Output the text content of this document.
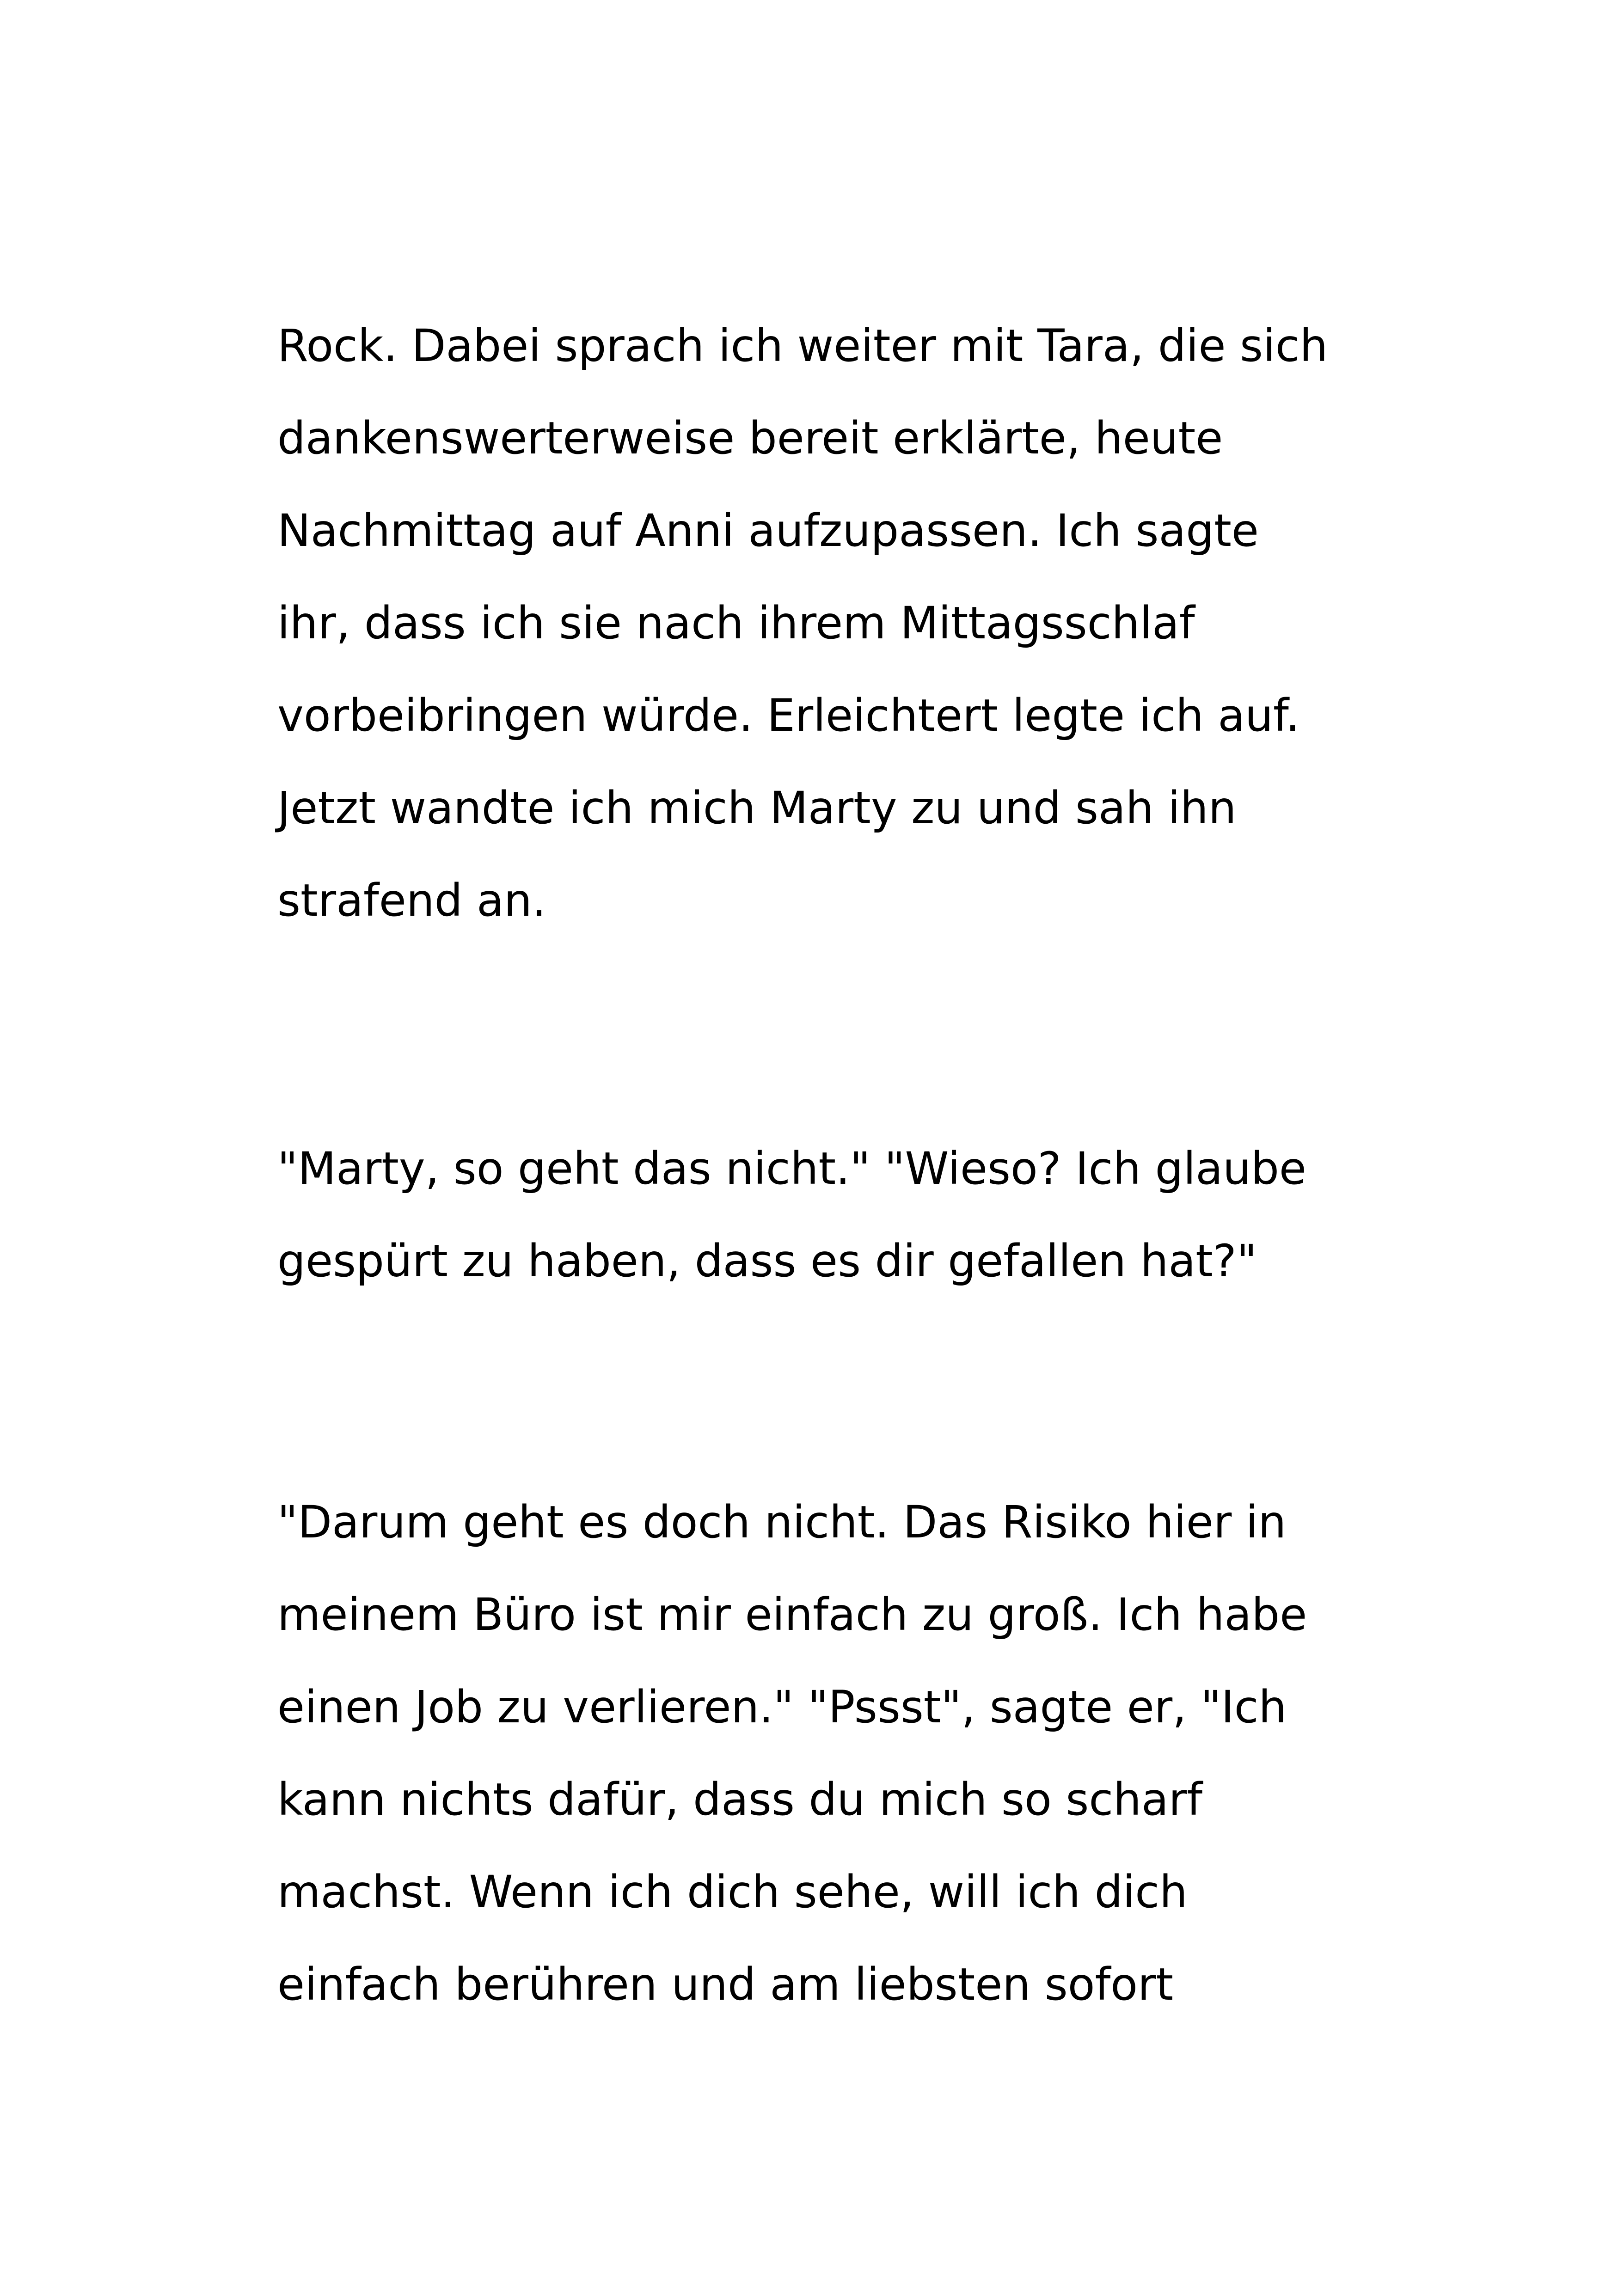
Rock. Dabei sprach ich weiter mit Tara, die sich
dankenswerterweise bereit erklärte, heute
Nachmittag auf Anni aufzupassen. Ich sagte
ihr, dass ich sie nach ihrem Mittagsschlaf
vorbeibringen würde. Erleichtert legte ich auf.
Jetzt wandte ich mich Marty zu und sah ihn
strafend an.
"Marty, so geht das nicht." "Wieso? Ich glaube
gespürt zu haben, dass es dir gefallen hat?"
"Darum geht es doch nicht. Das Risiko hier in
meinem Büro ist mir einfach zu groß. Ich habe
einen Job zu verlieren." "Pssst", sagte er, "Ich
kann nichts dafür, dass du mich so scharf
machst. Wenn ich dich sehe, will ich dich
einfach berühren und am liebsten sofort
